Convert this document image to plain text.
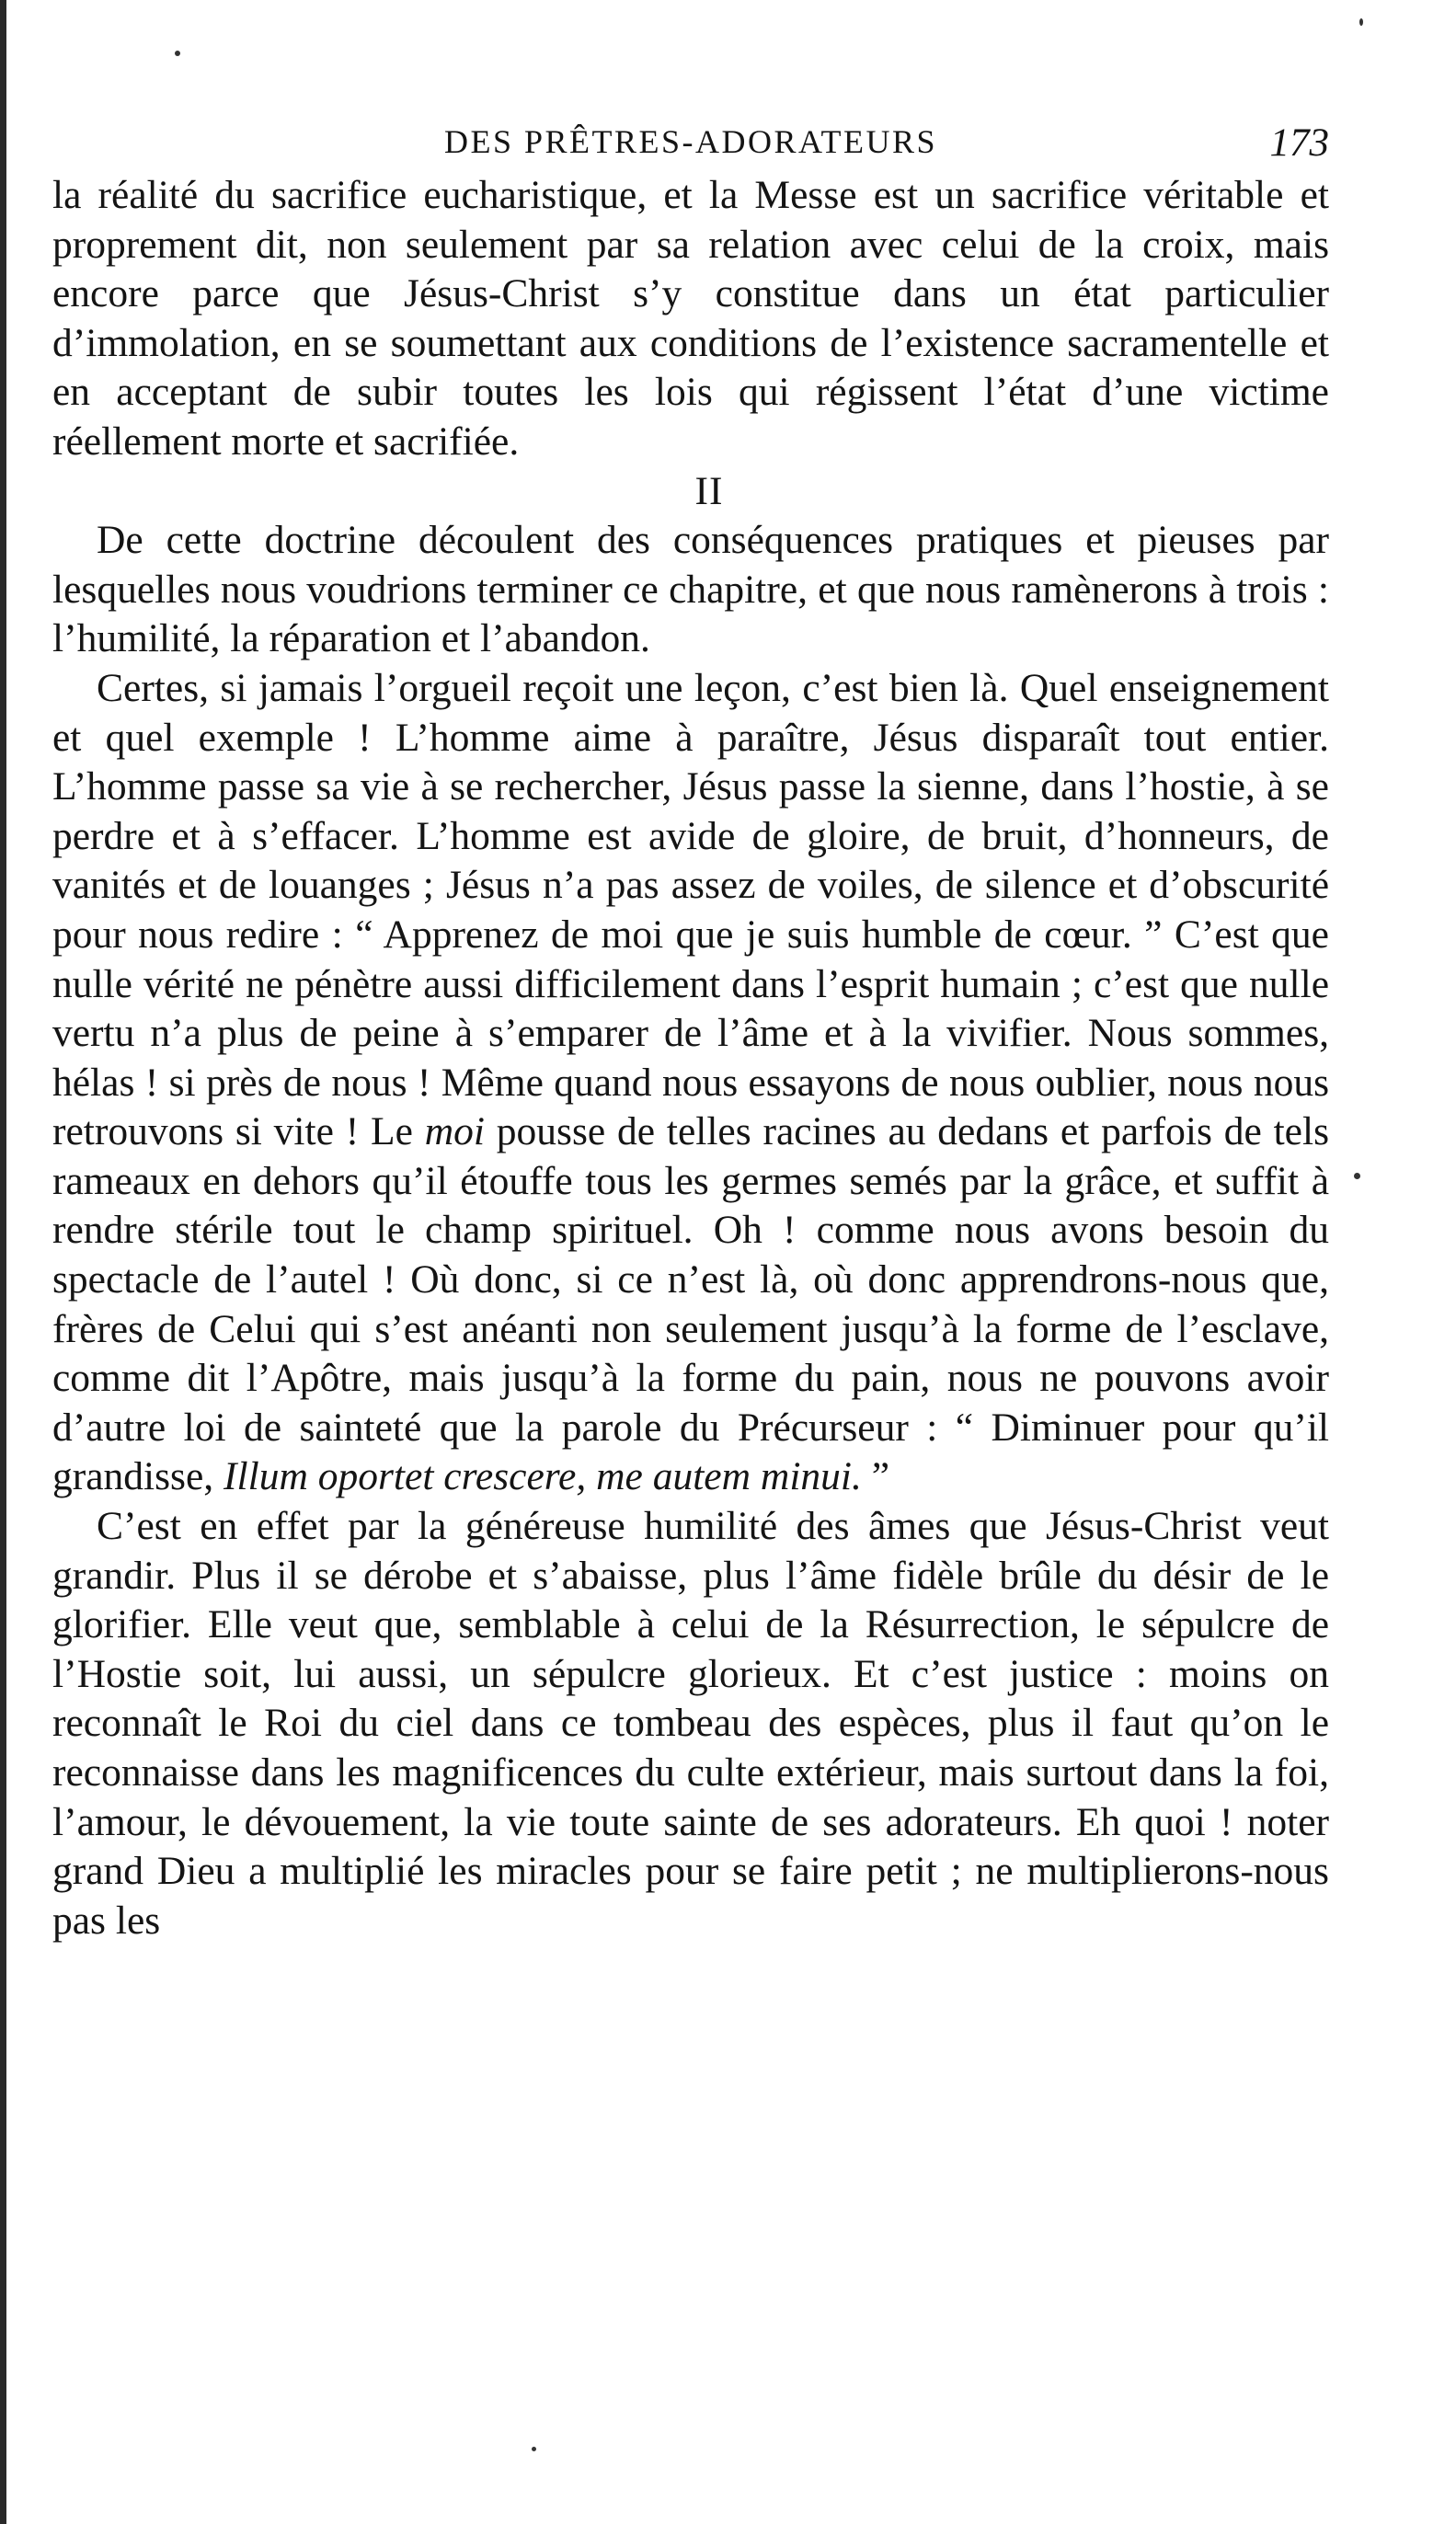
DES PRÊTRES-ADORATEURS	173

la réalité du sacrifice eucharistique, et la Messe est un sacrifice véritable et proprement dit, non seulement par sa relation avec celui de la croix, mais encore parce que Jésus-Christ s’y constitue dans un état particulier d’immolation, en se soumettant aux conditions de l’existence sacramentelle et en acceptant de subir toutes les lois qui régissent l’état d’une victime réellement morte et sacrifiée.

II

De cette doctrine découlent des conséquences pratiques et pieuses par lesquelles nous voudrions terminer ce chapitre, et que nous ramènerons à trois : l’humilité, la réparation et l’abandon.

Certes, si jamais l’orgueil reçoit une leçon, c’est bien là. Quel enseignement et quel exemple ! L’homme aime à paraître, Jésus disparaît tout entier. L’homme passe sa vie à se rechercher, Jésus passe la sienne, dans l’hostie, à se perdre et à s’effacer. L’homme est avide de gloire, de bruit, d’honneurs, de vanités et de louanges ; Jésus n’a pas assez de voiles, de silence et d’obscurité pour nous redire : “ Apprenez de moi que je suis humble de cœur. ” C’est que nulle vérité ne pénètre aussi difficilement dans l’esprit humain ; c’est que nulle vertu n’a plus de peine à s’emparer de l’âme et à la vivifier. Nous sommes, hélas ! si près de nous ! Même quand nous essayons de nous oublier, nous nous retrouvons si vite ! Le moi pousse de telles racines au dedans et parfois de tels rameaux en dehors qu’il étouffe tous les germes semés par la grâce, et suffit à rendre stérile tout le champ spirituel. Oh ! comme nous avons besoin du spectacle de l’autel ! Où donc, si ce n’est là, où donc apprendrons-nous que, frères de Celui qui s’est anéanti non seulement jusqu’à la forme de l’esclave, comme dit l’Apôtre, mais jusqu’à la forme du pain, nous ne pouvons avoir d’autre loi de sainteté que la parole du Précurseur : “ Diminuer pour qu’il grandisse, Illum oportet crescere, me autem minui. ”

C’est en effet par la généreuse humilité des âmes que Jésus-Christ veut grandir. Plus il se dérobe et s’abaisse, plus l’âme fidèle brûle du désir de le glorifier. Elle veut que, semblable à celui de la Résurrection, le sépulcre de l’Hostie soit, lui aussi, un sépulcre glorieux. Et c’est justice : moins on reconnaît le Roi du ciel dans ce tombeau des espèces, plus il faut qu’on le reconnaisse dans les magnificences du culte extérieur, mais surtout dans la foi, l’amour, le dévouement, la vie toute sainte de ses adorateurs. Eh quoi ! noter grand Dieu a multiplié les miracles pour se faire petit ; ne multiplierons-nous pas les
